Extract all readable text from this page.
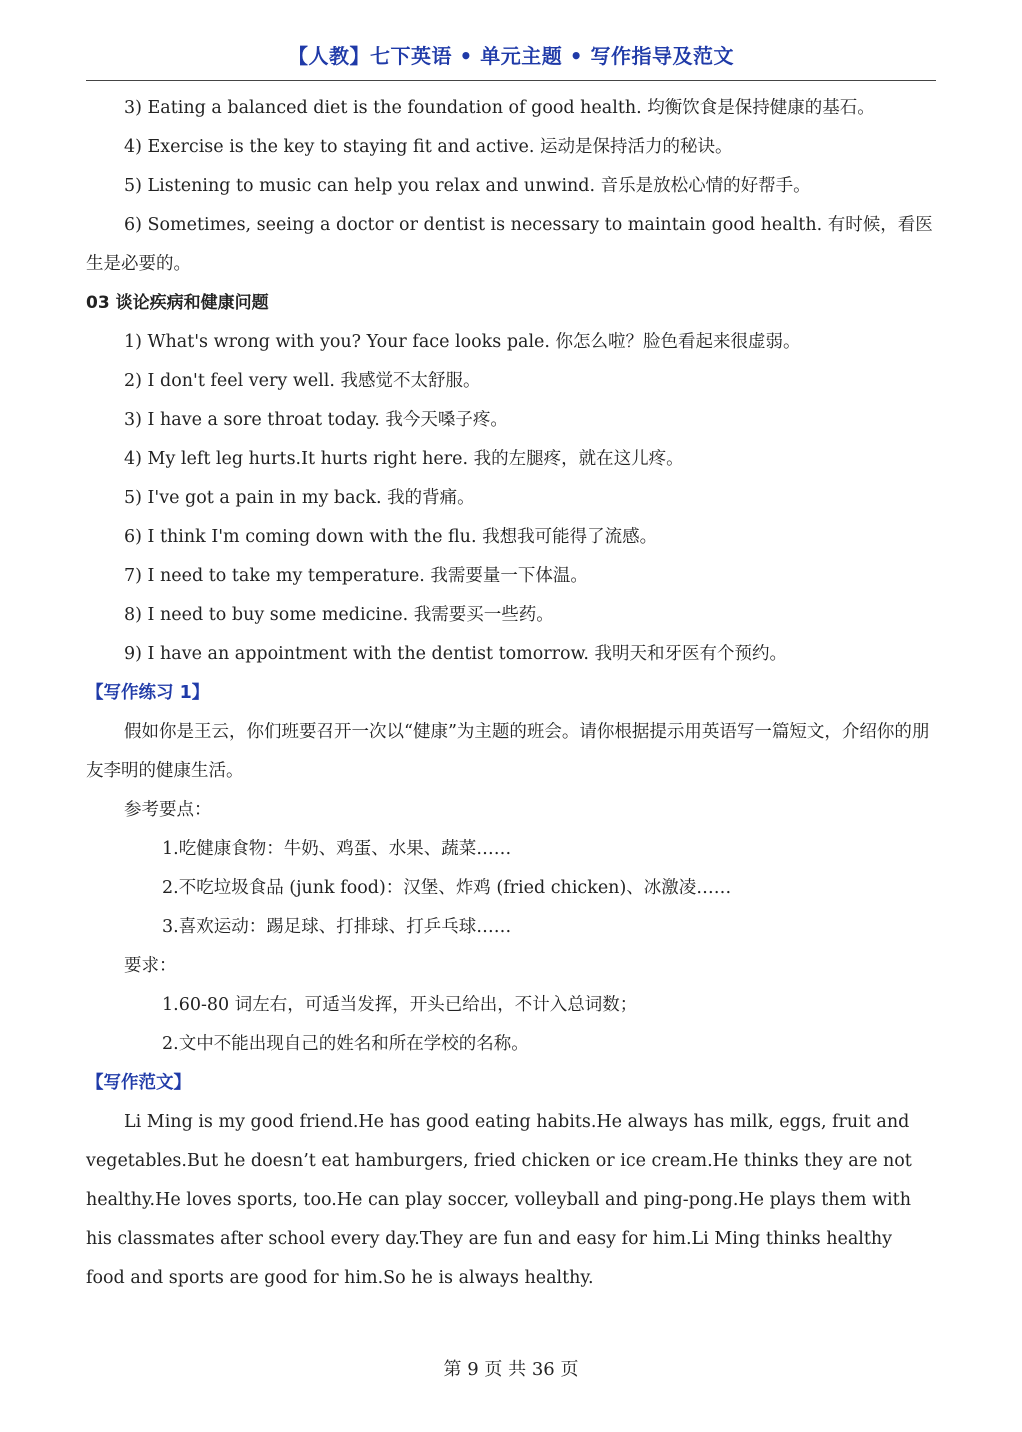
【人教】七下英语 • 单元主题 • 写作指导及范文
3) Eating a balanced diet is the foundation of good health. 均衡饮食是保持健康的基石。
4) Exercise is the key to staying fit and active. 运动是保持活力的秘诀。
5) Listening to music can help you relax and unwind. 音乐是放松心情的好帮手。
6) Sometimes, seeing a doctor or dentist is necessary to maintain good health. 有时候，看医生是必要的。
03 谈论疾病和健康问题
1) What's wrong with you? Your face looks pale. 你怎么啦？脸色看起来很虚弱。
2) I don't feel very well. 我感觉不太舒服。
3) I have a sore throat today. 我今天嗓子疼。
4) My left leg hurts.It hurts right here. 我的左腿疼，就在这儿疼。
5) I've got a pain in my back. 我的背痛。
6) I think I'm coming down with the flu. 我想我可能得了流感。
7) I need to take my temperature. 我需要量一下体温。
8) I need to buy some medicine. 我需要买一些药。
9) I have an appointment with the dentist tomorrow. 我明天和牙医有个预约。
【写作练习 1】
假如你是王云，你们班要召开一次以“健康”为主题的班会。请你根据提示用英语写一篇短文，介绍你的朋友李明的健康生活。
参考要点：
1.吃健康食物：牛奶、鸡蛋、水果、蔬菜……
2.不吃垃圾食品 (junk food)：汉堡、炸鸡 (fried chicken)、冰激凌……
3.喜欢运动：踢足球、打排球、打乒乓球……
要求：
1.60-80 词左右，可适当发挥，开头已给出，不计入总词数；
2.文中不能出现自己的姓名和所在学校的名称。
【写作范文】
Li Ming is my good friend.He has good eating habits.He always has milk, eggs, fruit and vegetables.But he doesn’t eat hamburgers, fried chicken or ice cream.He thinks they are not healthy.He loves sports, too.He can play soccer, volleyball and ping-pong.He plays them with his classmates after school every day.They are fun and easy for him.Li Ming thinks healthy food and sports are good for him.So he is always healthy.
第 9 页 共 36 页
